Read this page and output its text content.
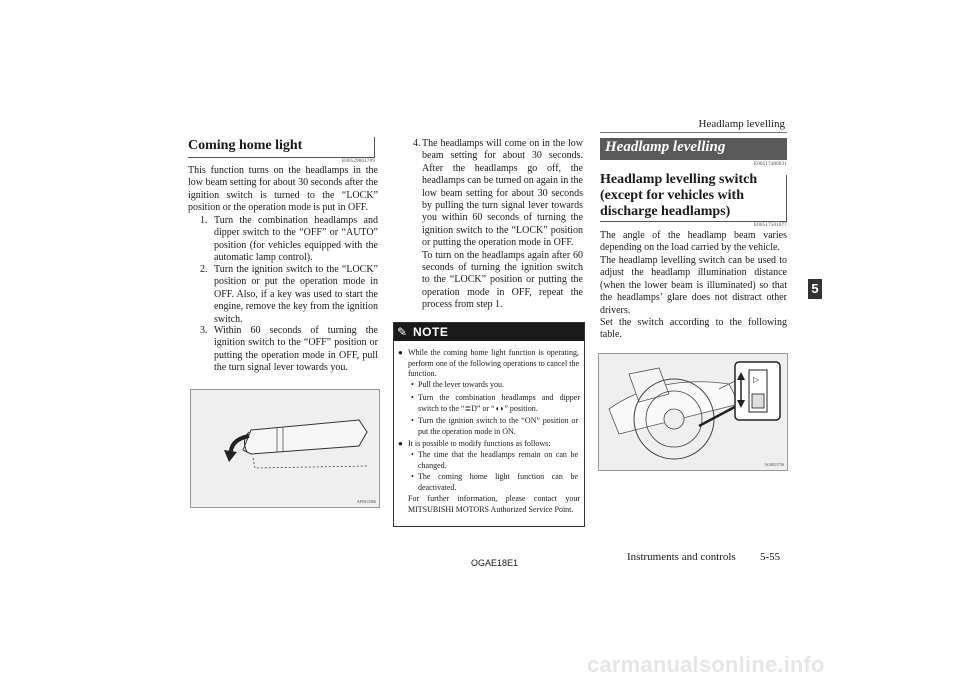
Headlamp levelling
5
Coming home light
E00529001709
This function turns on the headlamps in the low beam setting for about 30 seconds after the ignition switch is turned to the “LOCK” position or the operation mode is put in OFF.
1. Turn the combination headlamps and dipper switch to the “OFF” or “AUTO” position (for vehicles equipped with the automatic lamp control).
2. Turn the ignition switch to the “LOCK” position or put the operation mode in OFF. Also, if a key was used to start the engine, remove the key from the ignition switch.
3. Within 60 seconds of turning the ignition switch to the “OFF” position or putting the operation mode in OFF, pull the turn signal lever towards you.
AF0013306
4. The headlamps will come on in the low beam setting for about 30 seconds. After the headlamps go off, the headlamps can be turned on again in the low beam setting for about 30 seconds by pulling the turn signal lever towards you within 60 seconds of turning the ignition switch to the “LOCK” position or putting the operation mode in OFF.
To turn on the headlamps again after 60 seconds of turning the ignition switch to the “LOCK” position or putting the operation mode in OFF, repeat the process from step 1.
✎ NOTE
● While the coming home light function is operating, perform one of the following operations to cancel the function.
• Pull the lever towards you.
• Turn the combination headlamps and dipper switch to the “≣D” or “◖◗” position.
• Turn the ignition switch to the “ON” position or put the operation mode in ON.
● It is possible to modify functions as follows:
• The time that the headlamps remain on can be changed.
• The coming home light function can be deactivated.
For further information, please contact your MITSUBISHI MOTORS Authorized Service Point.
Headlamp levelling
E00517400031
Headlamp levelling switch (except for vehicles with discharge headlamps)
E00517501677
The angle of the headlamp beam varies depending on the load carried by the vehicle.
The headlamp levelling switch can be used to adjust the headlamp illumination distance (when the lower beam is illuminated) so that the headlamps’ glare does not distract other drivers.
Set the switch according to the following table.
▷
AG0023726
OGAE18E1	Instruments and controls 5-55
carmanualsonline.info
